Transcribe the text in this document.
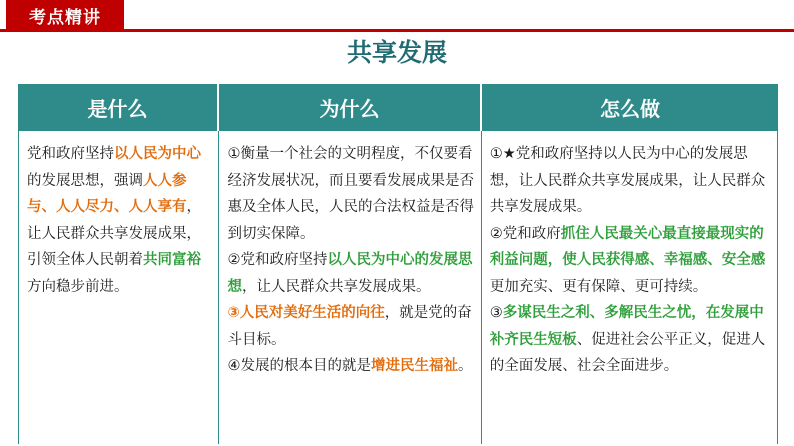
考点精讲
共享发展
是什么	为什么	怎么做

党和政府坚持以人民为中心的发展思想，强调人人参与、人人尽力、人人享有，让人民群众共享发展成果，引领全体人民朝着共同富裕方向稳步前进。

①衡量一个社会的文明程度，不仅要看经济发展状况，而且要看发展成果是否惠及全体人民，人民的合法权益是否得到切实保障。

②党和政府坚持以人民为中心的发展思想，让人民群众共享发展成果。

③人民对美好生活的向往，就是党的奋斗目标。

④发展的根本目的就是增进民生福祉。

①★党和政府坚持以人民为中心的发展思想，让人民群众共享发展成果，让人民群众共享发展成果。

②党和政府抓住人民最关心最直接最现实的利益问题，使人民获得感、幸福感、安全感更加充实、更有保障、更可持续。

③多谋民生之利、多解民生之忧，在发展中补齐民生短板、促进社会公平正义，促进人的全面发展、社会全面进步。
